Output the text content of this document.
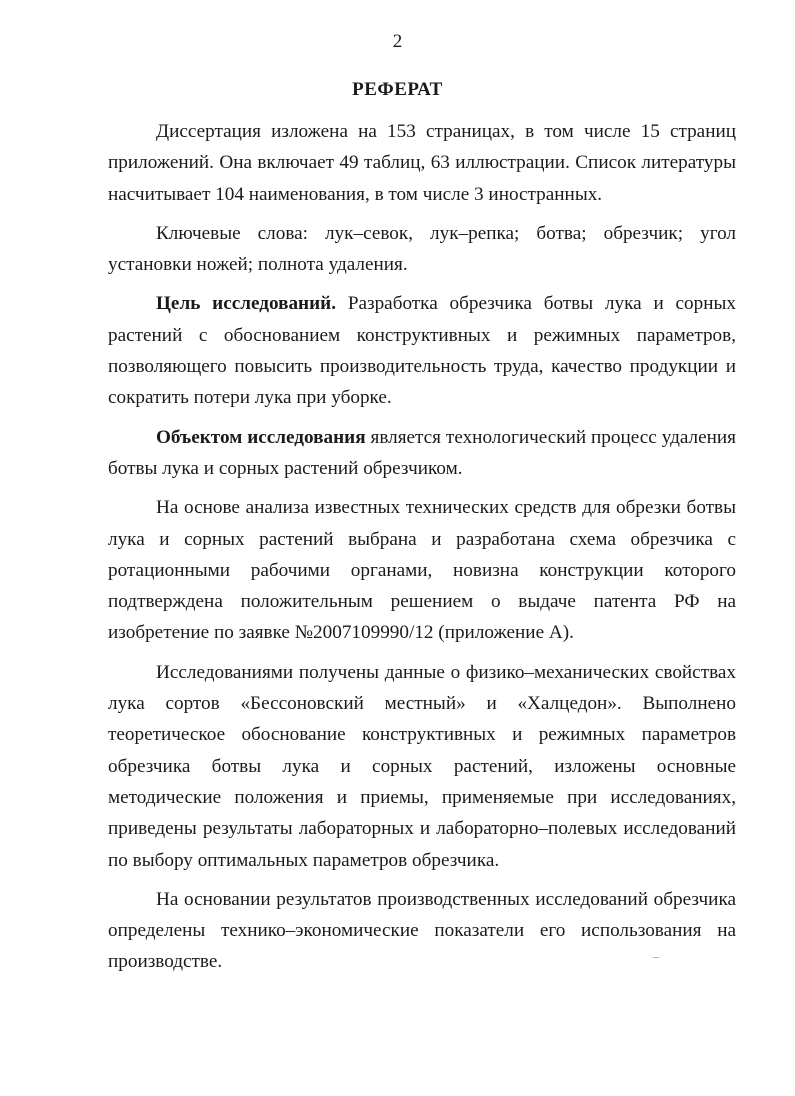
2
РЕФЕРАТ

Диссертация изложена на 153 страницах, в том числе 15 страниц приложений. Она включает 49 таблиц, 63 иллюстрации. Список литературы насчитывает 104 наименования, в том числе 3 иностранных.

Ключевые слова: лук–севок, лук–репка; ботва; обрезчик; угол установки ножей; полнота удаления.

Цель исследований. Разработка обрезчика ботвы лука и сорных растений с обоснованием конструктивных и режимных параметров, позволяющего повысить производительность труда, качество продукции и сократить потери лука при уборке.

Объектом исследования является технологический процесс удаления ботвы лука и сорных растений обрезчиком.

На основе анализа известных технических средств для обрезки ботвы лука и сорных растений выбрана и разработана схема обрезчика с ротационными рабочими органами, новизна конструкции которого подтверждена положительным решением о выдаче патента РФ на изобретение по заявке №2007109990/12 (приложение А).

Исследованиями получены данные о физико–механических свойствах лука сортов «Бессоновский местный» и «Халцедон». Выполнено теоретическое обоснование конструктивных и режимных параметров обрезчика ботвы лука и сорных растений, изложены основные методические положения и приемы, применяемые при исследованиях, приведены результаты лабораторных и лабораторно–полевых исследований по выбору оптимальных параметров обрезчика.

На основании результатов производственных исследований обрезчика определены технико–экономические показатели его использования на производстве.
